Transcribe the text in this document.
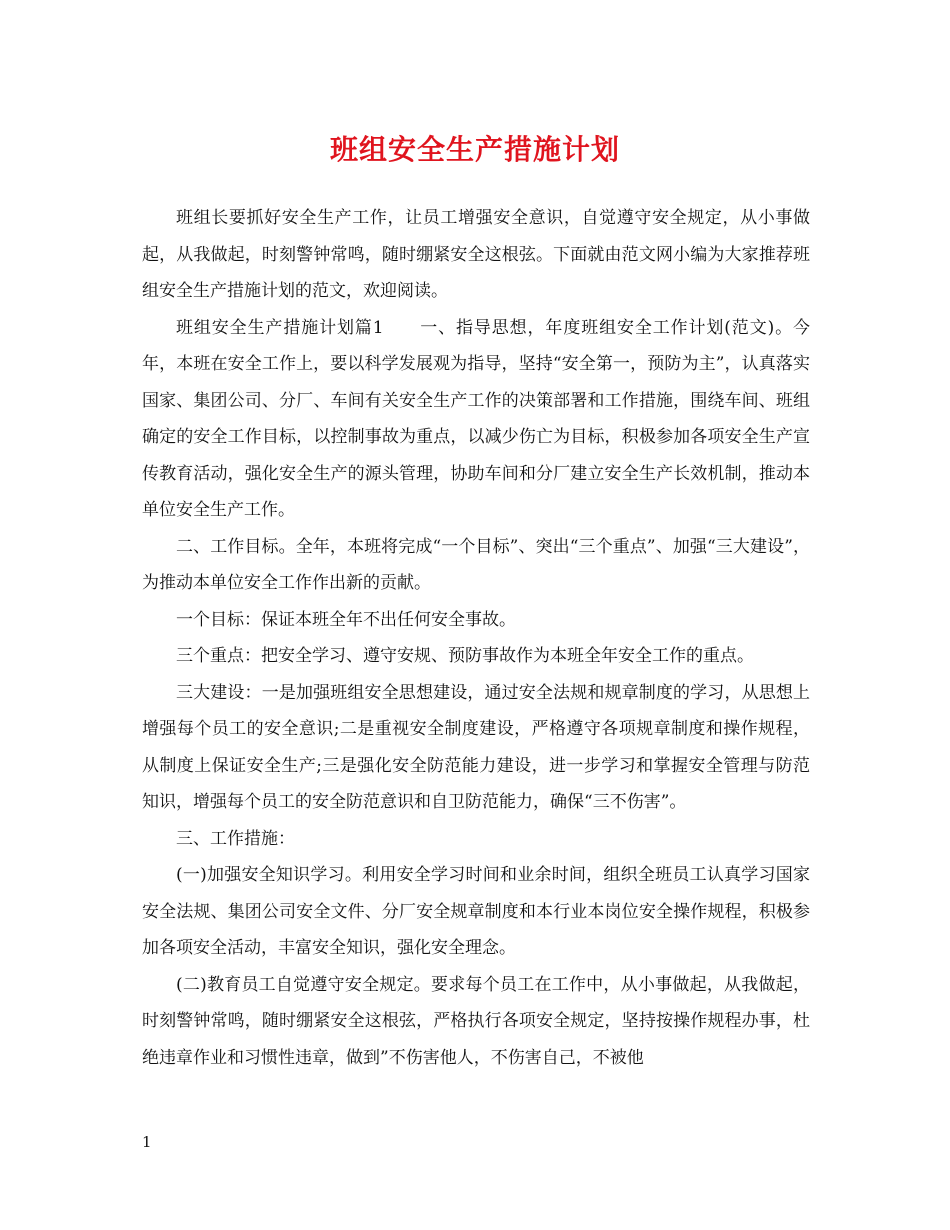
班组安全生产措施计划

班组长要抓好安全生产工作，让员工增强安全意识，自觉遵守安全规定，从小事做起，从我做起，时刻警钟常鸣，随时绷紧安全这根弦。下面就由范文网小编为大家推荐班组安全生产措施计划的范文，欢迎阅读。

班组安全生产措施计划篇1　　一、指导思想，年度班组安全工作计划(范文)。今年，本班在安全工作上，要以科学发展观为指导，坚持“安全第一，预防为主”，认真落实国家、集团公司、分厂、车间有关安全生产工作的决策部署和工作措施，围绕车间、班组确定的安全工作目标，以控制事故为重点，以减少伤亡为目标，积极参加各项安全生产宣传教育活动，强化安全生产的源头管理，协助车间和分厂建立安全生产长效机制，推动本单位安全生产工作。

二、工作目标。全年，本班将完成“一个目标”、突出“三个重点”、加强“三大建设”，为推动本单位安全工作作出新的贡献。

一个目标：保证本班全年不出任何安全事故。

三个重点：把安全学习、遵守安规、预防事故作为本班全年安全工作的重点。

三大建设：一是加强班组安全思想建设，通过安全法规和规章制度的学习，从思想上增强每个员工的安全意识;二是重视安全制度建设，严格遵守各项规章制度和操作规程，从制度上保证安全生产;三是强化安全防范能力建设，进一步学习和掌握安全管理与防范知识，增强每个员工的安全防范意识和自卫防范能力，确保“三不伤害”。

三、工作措施：

(一)加强安全知识学习。利用安全学习时间和业余时间，组织全班员工认真学习国家安全法规、集团公司安全文件、分厂安全规章制度和本行业本岗位安全操作规程，积极参加各项安全活动，丰富安全知识，强化安全理念。

(二)教育员工自觉遵守安全规定。要求每个员工在工作中，从小事做起，从我做起，时刻警钟常鸣，随时绷紧安全这根弦，严格执行各项安全规定，坚持按操作规程办事，杜绝违章作业和习惯性违章，做到”不伤害他人，不伤害自己，不被他

1
